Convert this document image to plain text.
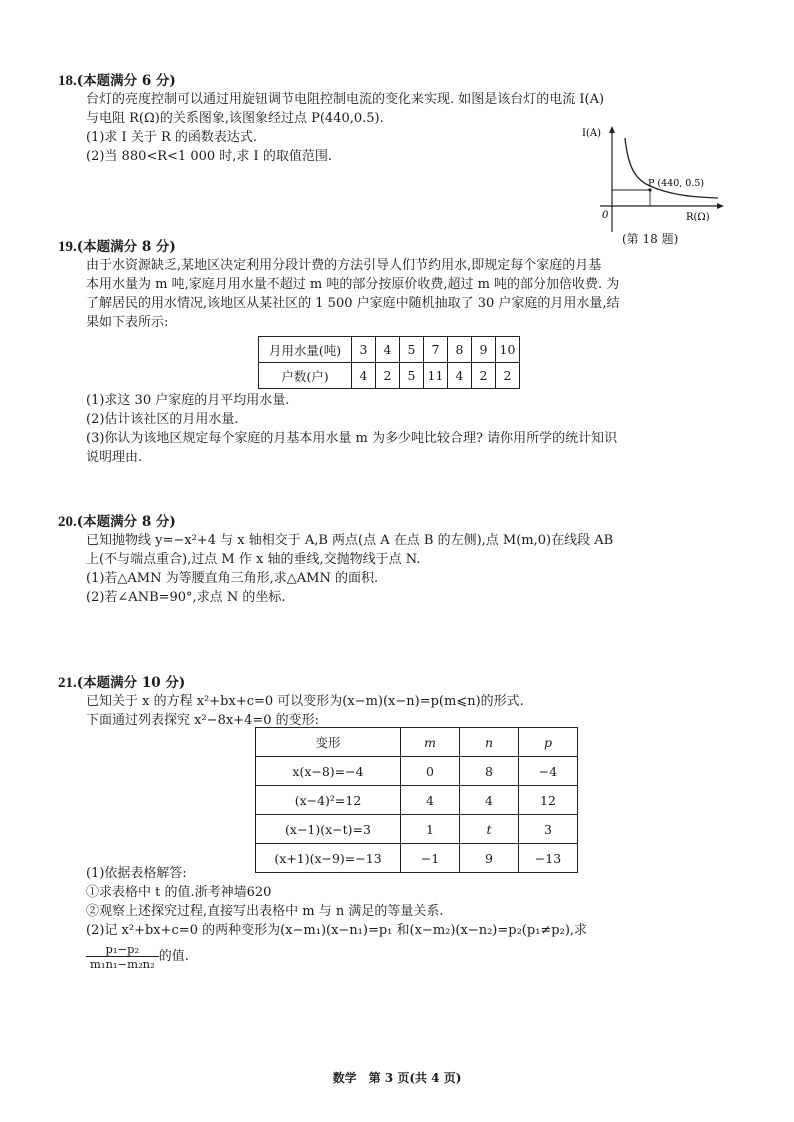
18.(本题满分 6 分)
台灯的亮度控制可以通过用旋钮调节电阻控制电流的变化来实现. 如图是该台灯的电流 I(A)
与电阻 R(Ω)的关系图象,该图象经过点 P(440,0.5).
(1)求 I 关于 R 的函数表达式.
(2)当 880<R<1 000 时,求 I 的取值范围.
I(A)
P (440, 0.5)
0	R(Ω)
(第 18 题)
19.(本题满分 8 分)
由于水资源缺乏,某地区决定利用分段计费的方法引导人们节约用水,即规定每个家庭的月基
本用水量为 m 吨,家庭月用水量不超过 m 吨的部分按原价收费,超过 m 吨的部分加倍收费. 为
了解居民的用水情况,该地区从某社区的 1 500 户家庭中随机抽取了 30 户家庭的月用水量,结
果如下表所示:
月用水量(吨)	3	4	5	7	8	9	10
户数(户)	4	2	5	11	4	2	2
(1)求这 30 户家庭的月平均用水量.
(2)估计该社区的月用水量.
(3)你认为该地区规定每个家庭的月基本用水量 m 为多少吨比较合理? 请你用所学的统计知识
说明理由.
20.(本题满分 8 分)
已知抛物线 y=−x²+4 与 x 轴相交于 A,B 两点(点 A 在点 B 的左侧),点 M(m,0)在线段 AB
上(不与端点重合),过点 M 作 x 轴的垂线,交抛物线于点 N.
(1)若△AMN 为等腰直角三角形,求△AMN 的面积.
(2)若∠ANB=90°,求点 N 的坐标.
21.(本题满分 10 分)
已知关于 x 的方程 x²+bx+c=0 可以变形为(x−m)(x−n)=p(m⩽n)的形式.
下面通过列表探究 x²−8x+4=0 的变形:
变形	m	n	p
x(x−8)=−4	0	8	−4
(x−4)²=12	4	4	12
(x−1)(x−t)=3	1	t	3
(x+1)(x−9)=−13	−1	9	−13
(1)依据表格解答:
①求表格中 t 的值.浙考神墙620
②观察上述探究过程,直接写出表格中 m 与 n 满足的等量关系.
(2)记 x²+bx+c=0 的两种变形为(x−m₁)(x−n₁)=p₁ 和(x−m₂)(x−n₂)=p₂(p₁≠p₂),求
$\frac{\text{p₁−p₂}}{\text{m₁n₁−m₂n₂}}$ 的值.
数学　第 3 页(共 4 页)
